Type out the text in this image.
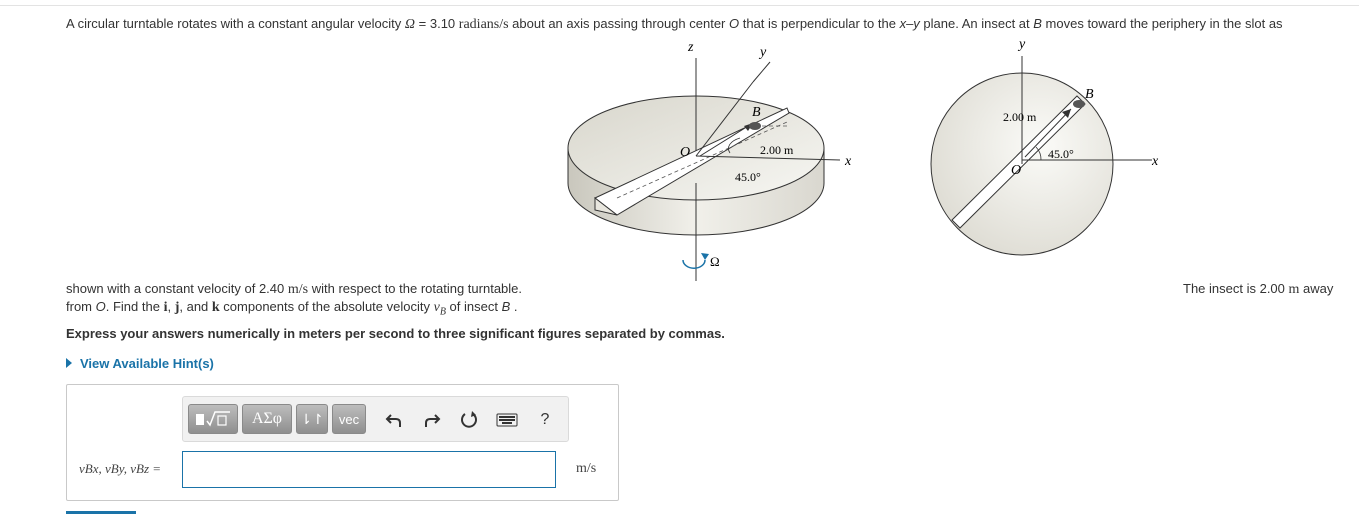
A circular turntable rotates with a constant angular velocity Ω = 3.10 radians/s about an axis passing through center O that is perpendicular to the x–y plane. An insect at B moves toward the periphery in the slot as
z	y
x
O
B
2.00 m
45.0°
Ω
y
x
O
B
2.00 m
45.0°
shown with a constant velocity of 2.40 m/s with respect to the rotating turntable.	The insect is 2.00 m away
from O. Find the i, j, and k components of the absolute velocity $v_B$ of insect B .
Express your answers numerically in meters per second to three significant figures separated by commas.
View Available Hint(s)
ΑΣφ	⇂↾	vec	?
vBx, vBy, vBz =	m/s
